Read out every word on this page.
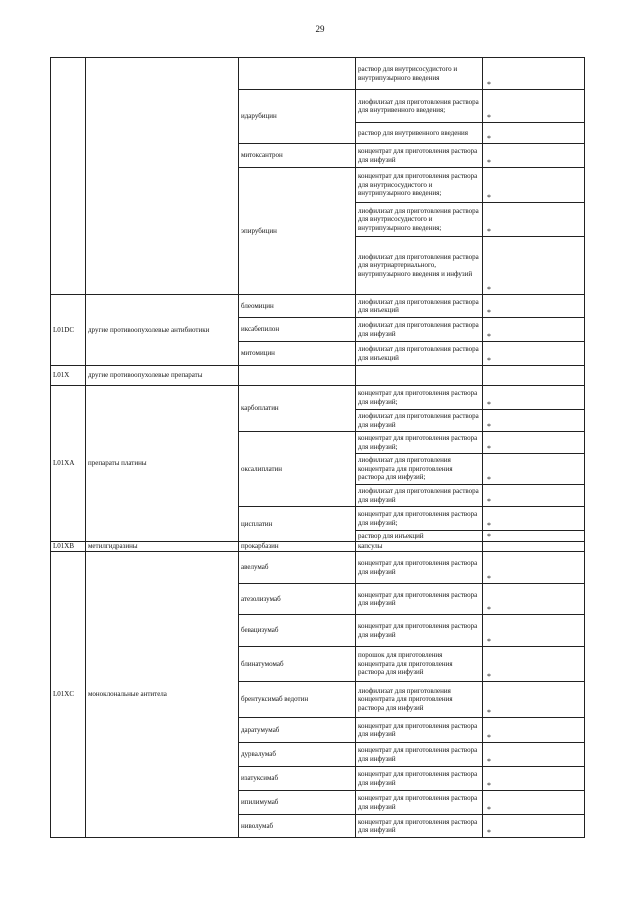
29
			раствор для внутрисосудистого и внутрипузырного введения	*

		идарубицин	лиофилизат для приготовления раствора для внутривенного введения;	*

			раствор для внутривенного введения	*

		митоксантрон	концентрат для приготовления раствора для инфузий	*

		эпирубицин	концентрат для приготовления раствора для внутрисосудистого и внутрипузырного введения;	*

			лиофилизат для приготовления раствора для внутрисосудистого и внутрипузырного введения;	*

			лиофилизат для приготовления раствора для внутриартериального, внутрипузырного введения и инфузий	*

L01DC	другие противоопухолевые антибиотики	блеомицин	лиофилизат для приготовления раствора для инъекций	*

		иксабепилон	лиофилизат для приготовления раствора для инфузий	*

		митомицин	лиофилизат для приготовления раствора для инъекций	*

L01X	другие противоопухолевые препараты			
L01XA	препараты платины	карбоплатин	концентрат для приготовления раствора для инфузий;	*

			лиофилизат для приготовления раствора для инфузий	*

		оксалиплатин	концентрат для приготовления раствора для инфузий;	*

			лиофилизат для приготовления концентрата для приготовления раствора для инфузий;	*

			лиофилизат для приготовления раствора для инфузий	*

		цисплатин	концентрат для приготовления раствора для инфузий;	*

			раствор для инъекций	*

L01XB	метилгидразины	прокарбазин	капсулы	
L01XC	моноклональные антитела	авелумаб	концентрат для приготовления раствора для инфузий	*

		атезолизумаб	концентрат для приготовления раствора для инфузий	*

		бевацизумаб	концентрат для приготовления раствора для инфузий	*

		блинатумомаб	порошок для приготовления концентрата для приготовления раствора для инфузий	*

		брентуксимаб ведотин	лиофилизат для приготовления концентрата для приготовления раствора для инфузий	*

		даратумумаб	концентрат для приготовления раствора для инфузий	*

		дурвалумаб	концентрат для приготовления раствора для инфузий	*

		изатуксимаб	концентрат для приготовления раствора для инфузий	*

		ипилимумаб	концентрат для приготовления раствора для инфузий	*

		ниволумаб	концентрат для приготовления раствора для инфузий	*
